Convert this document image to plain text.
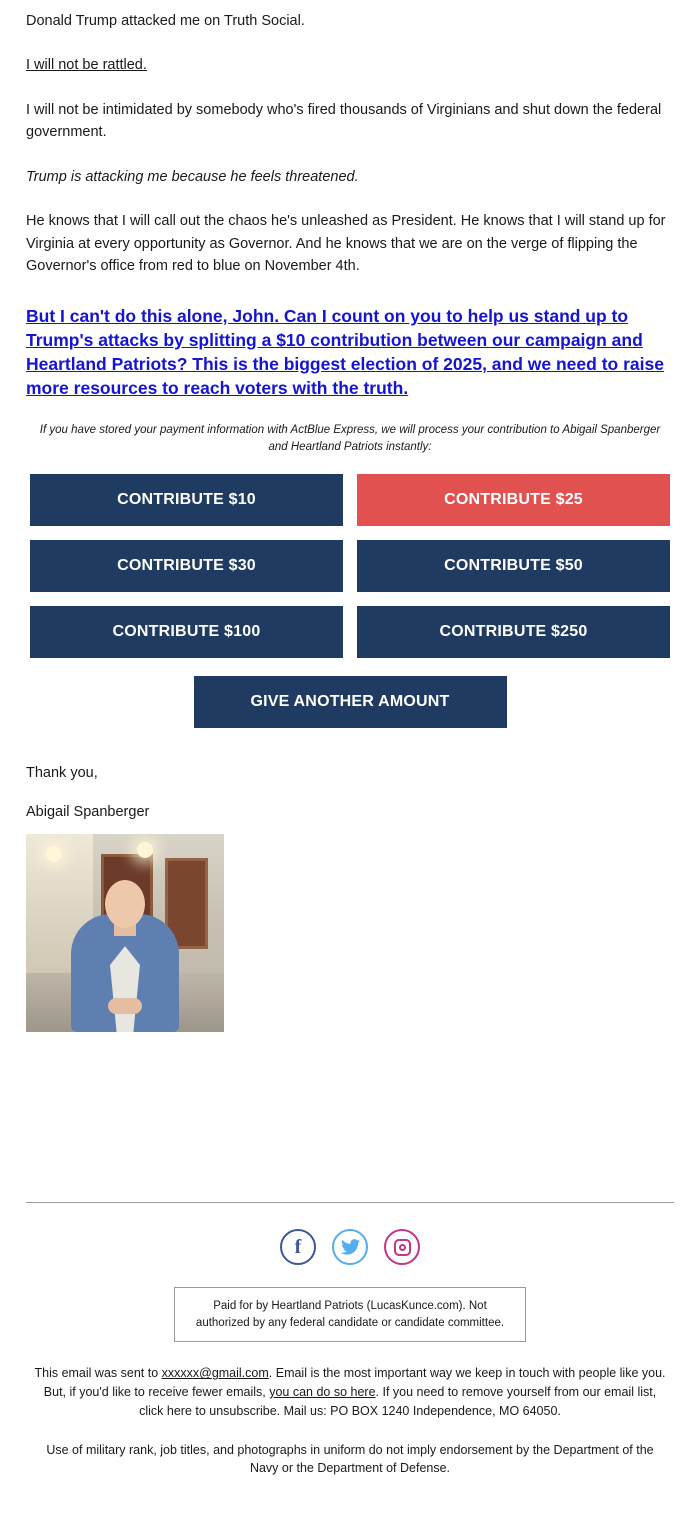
Donald Trump attacked me on Truth Social.

I will not be rattled.

I will not be intimidated by somebody who's fired thousands of Virginians and shut down the federal government.

Trump is attacking me because he feels threatened.

He knows that I will call out the chaos he's unleashed as President. He knows that I will stand up for Virginia at every opportunity as Governor. And he knows that we are on the verge of flipping the Governor's office from red to blue on November 4th.

But I can't do this alone, John. Can I count on you to help us stand up to Trump's attacks by splitting a $10 contribution between our campaign and Heartland Patriots? This is the biggest election of 2025, and we need to raise more resources to reach voters with the truth.
If you have stored your payment information with ActBlue Express, we will process your contribution to Abigail Spanberger and Heartland Patriots instantly:
CONTRIBUTE $10	CONTRIBUTE $25
CONTRIBUTE $30	CONTRIBUTE $50
CONTRIBUTE $100	CONTRIBUTE $250
GIVE ANOTHER AMOUNT

Thank you,

Abigail Spanberger

f
Paid for by Heartland Patriots (LucasKunce.com). Not authorized by any federal candidate or candidate committee.
This email was sent to xxxxxx@gmail.com. Email is the most important way we keep in touch with people like you. But, if you'd like to receive fewer emails, you can do so here. If you need to remove yourself from our email list, click here to unsubscribe. Mail us: PO BOX 1240 Independence, MO 64050.
Use of military rank, job titles, and photographs in uniform do not imply endorsement by the Department of the Navy or the Department of Defense.
